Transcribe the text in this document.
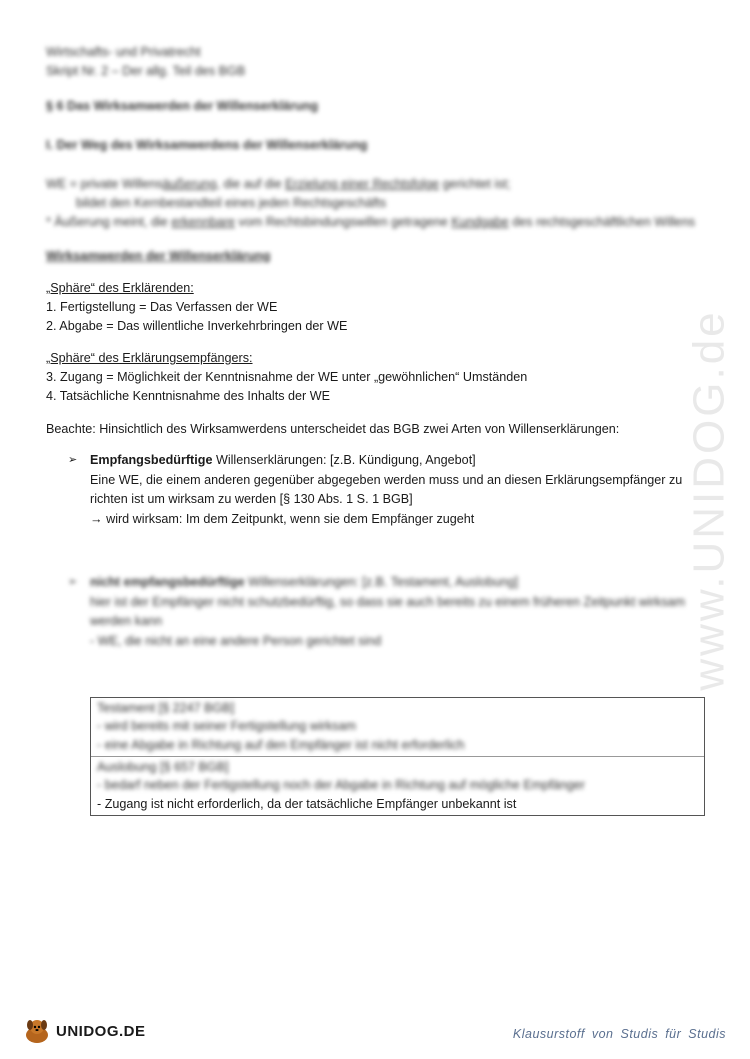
Wirtschafts- und Privatrecht
Skript Nr. 2 – Der allg. Teil des BGB
§ 6 Das Wirksamwerden der Willenserklärung
I. Der Weg des Wirksamwerdens der Willenserklärung
WE = private Willensäußerung, die auf die Erzielung einer Rechtsfolge gerichtet ist;
bildet den Kernbestandteil eines jeden Rechtsgeschäfts
* Äußerung meint, die erkennbare vom Rechtsbindungswillen getragene Kundgabe des rechtsgeschäftlichen Willens
Wirksamwerden der Willenserklärung
„Sphäre“ des Erklärenden:
1. Fertigstellung = Das Verfassen der WE
2. Abgabe = Das willentliche Inverkehrbringen der WE
„Sphäre“ des Erklärungsempfängers:
3. Zugang = Möglichkeit der Kenntnisnahme der WE unter „gewöhnlichen“ Umständen
4. Tatsächliche Kenntnisnahme des Inhalts der WE
Beachte: Hinsichtlich des Wirksamwerdens unterscheidet das BGB zwei Arten von Willenserklärungen:
➢ Empfangsbedürftige Willenserklärungen: [z.B. Kündigung, Angebot]
Eine WE, die einem anderen gegenüber abgegeben werden muss und an diesen Erklärungsempfänger zu
richten ist um wirksam zu werden [§ 130 Abs. 1 S. 1 BGB]
→ wird wirksam: Im dem Zeitpunkt, wenn sie dem Empfänger zugeht
➢ nicht empfangsbedürftige Willenserklärungen: [z.B. Testament, Auslobung]
hier ist der Empfänger nicht schutzbedürftig, so dass sie auch bereits zu einem früheren Zeitpunkt wirksam
werden kann
- WE, die nicht an eine andere Person gerichtet sind
Testament [§ 2247 BGB]
- wird bereits mit seiner Fertigstellung wirksam
- eine Abgabe in Richtung auf den Empfänger ist nicht erforderlich
Auslobung [§ 657 BGB]
- bedarf neben der Fertigstellung noch der Abgabe in Richtung auf mögliche Empfänger
- Zugang ist nicht erforderlich, da der tatsächliche Empfänger unbekannt ist
www.UNIDOG.de
UNIDOG.DE	Klausurstoff von Studis für Studis
